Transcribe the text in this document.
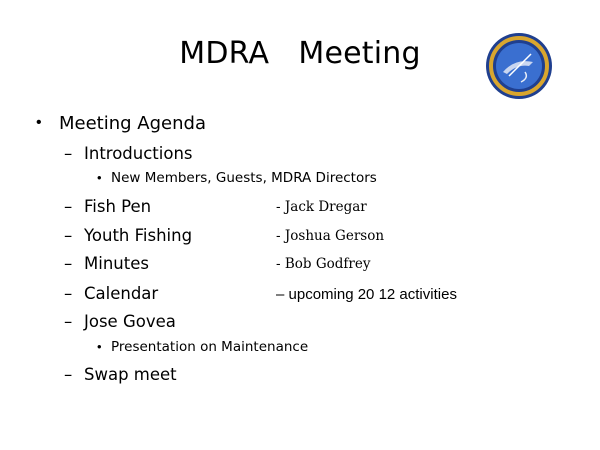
MDRA   Meeting
• Meeting Agenda
– Introductions
• New Members, Guests, MDRA Directors
– Fish Pen	- Jack Dregar
– Youth Fishing	- Joshua Gerson
– Minutes	- Bob Godfrey
– Calendar	– upcoming 20 12 activities
– Jose Govea
• Presentation on Maintenance
– Swap meet
